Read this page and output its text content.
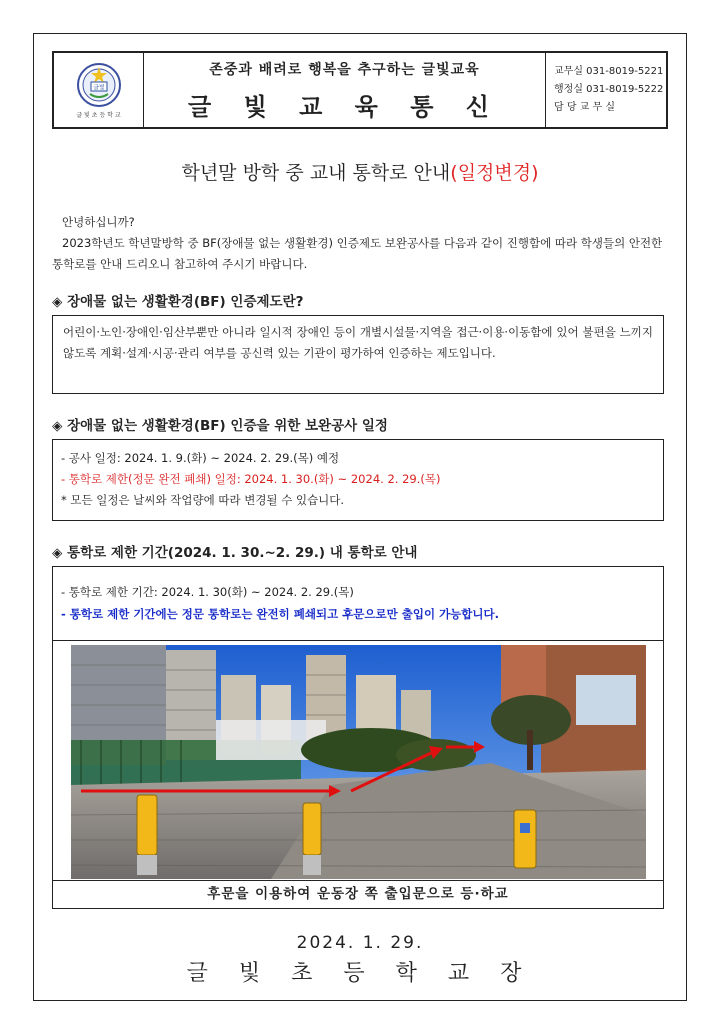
글빛
글 빛 초 등 학 교
존중과 배려로 행복을 추구하는 글빛교육
글 빛 교 육 통 신
교무실 031-8019-5221
행정실 031-8019-5222
담 당 교 무 실
학년말 방학 중 교내 통학로 안내(일정변경)
안녕하십니까?
2023학년도 학년말방학 중 BF(장애물 없는 생활환경) 인증제도 보완공사를 다음과 같이 진행함에 따라 학생들의 안전한 통학로를 안내 드리오니 참고하여 주시기 바랍니다.
◈ 장애물 없는 생활환경(BF) 인증제도란?
어린이·노인·장애인·임산부뿐만 아니라 일시적 장애인 등이 개별시설물·지역을 접근·이용·이동함에 있어 불편을 느끼지 않도록 계획·설계·시공·관리 여부를 공신력 있는 기관이 평가하여 인증하는 제도입니다.
◈ 장애물 없는 생활환경(BF) 인증을 위한 보완공사 일정
- 공사 일정: 2024. 1. 9.(화) ~ 2024. 2. 29.(목) 예정
- 통학로 제한(정문 완전 폐쇄) 일정: 2024. 1. 30.(화) ~ 2024. 2. 29.(목)
* 모든 일정은 날씨와 작업량에 따라 변경될 수 있습니다.
◈ 통학로 제한 기간(2024. 1. 30.~2. 29.) 내 통학로 안내
- 통학로 제한 기간: 2024. 1. 30(화) ~ 2024. 2. 29.(목)
- 통학로 제한 기간에는 정문 통학로는 완전히 폐쇄되고 후문으로만 출입이 가능합니다.
후문을 이용하여 운동장 쪽 출입문으로 등·하교
2024. 1. 29.
글 빛 초 등 학 교 장
